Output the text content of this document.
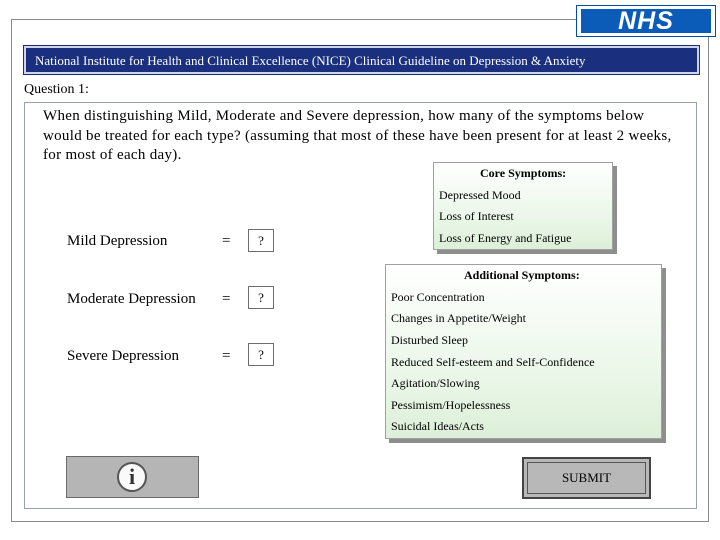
NHS
National Institute for Health and Clinical Excellence (NICE) Clinical Guideline on Depression & Anxiety
Question 1:
When distinguishing Mild, Moderate and Severe depression, how many of the symptoms below would be treated for each type? (assuming that most of these have been present for at least 2 weeks, for most of each day).
Core Symptoms:
Depressed Mood
Loss of Interest
Loss of Energy and Fatigue
Additional Symptoms:
Poor Concentration
Changes in Appetite/Weight
Disturbed Sleep
Reduced Self-esteem and Self-Confidence
Agitation/Slowing
Pessimism/Hopelessness
Suicidal Ideas/Acts
Mild Depression	=	?
Moderate Depression =	?
Severe Depression	=	?
i	SUBMIT
